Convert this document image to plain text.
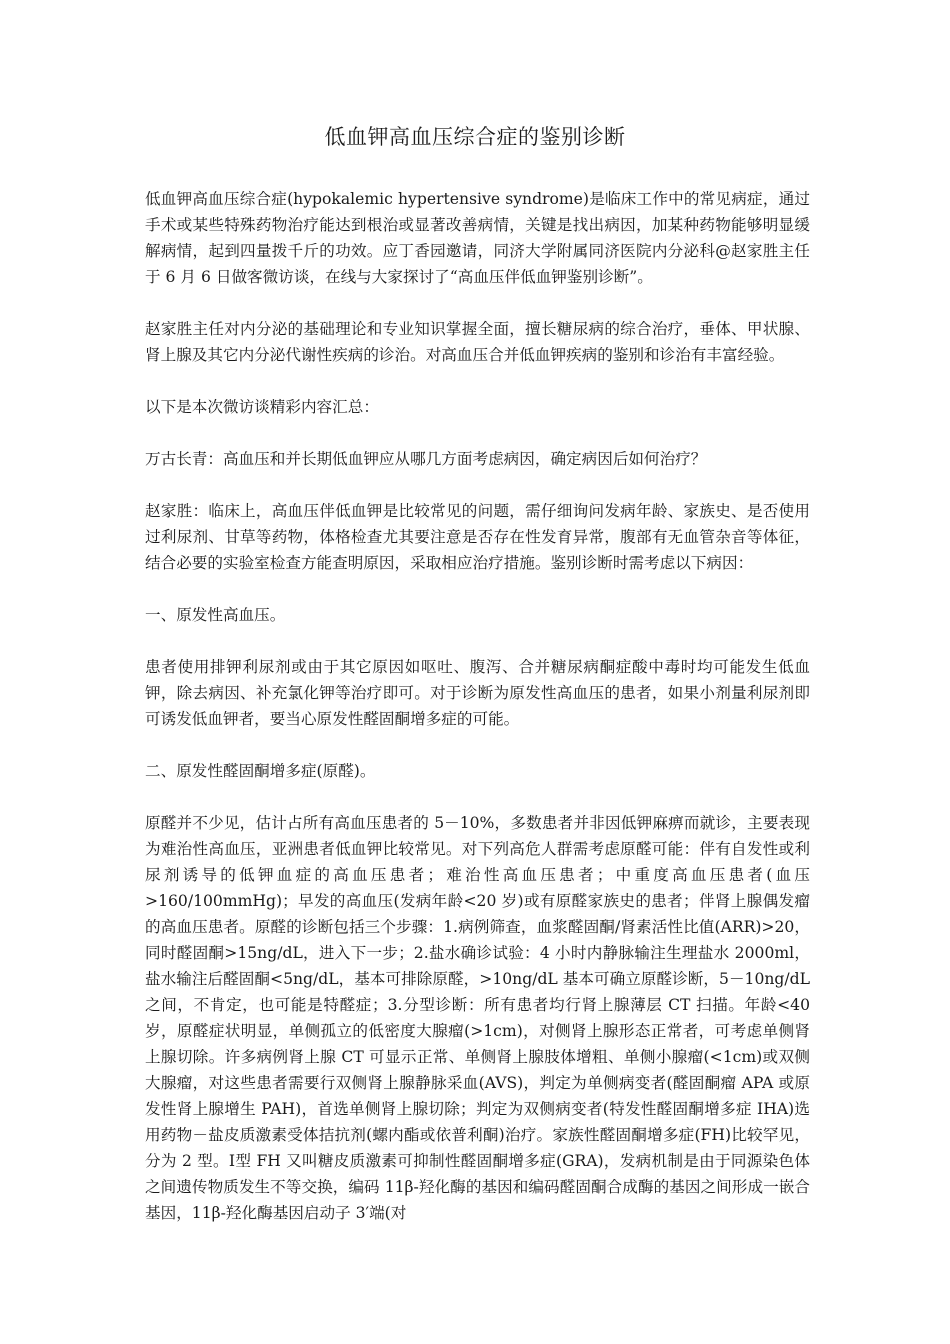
低血钾高血压综合症的鉴别诊断

低血钾高血压综合症(hypokalemic hypertensive syndrome)是临床工作中的常见病症，通过手术或某些特殊药物治疗能达到根治或显著改善病情，关键是找出病因，加某种药物能够明显缓解病情，起到四量拨千斤的功效。应丁香园邀请，同济大学附属同济医院内分泌科@赵家胜主任 于 6 月 6 日做客微访谈，在线与大家探讨了“高血压伴低血钾鉴别诊断”。

赵家胜主任对内分泌的基础理论和专业知识掌握全面，擅长糖尿病的综合治疗，垂体、甲状腺、肾上腺及其它内分泌代谢性疾病的诊治。对高血压合并低血钾疾病的鉴别和诊治有丰富经验。

以下是本次微访谈精彩内容汇总：

万古长青：高血压和并长期低血钾应从哪几方面考虑病因，确定病因后如何治疗？

赵家胜：临床上，高血压伴低血钾是比较常见的问题，需仔细询问发病年龄、家族史、是否使用过利尿剂、甘草等药物，体格检查尤其要注意是否存在性发育异常，腹部有无血管杂音等体征，结合必要的实验室检查方能查明原因，采取相应治疗措施。鉴别诊断时需考虑以下病因：

一、原发性高血压。

患者使用排钾利尿剂或由于其它原因如呕吐、腹泻、合并糖尿病酮症酸中毒时均可能发生低血钾，除去病因、补充氯化钾等治疗即可。对于诊断为原发性高血压的患者，如果小剂量利尿剂即可诱发低血钾者，要当心原发性醛固酮增多症的可能。

二、原发性醛固酮增多症(原醛)。

原醛并不少见，估计占所有高血压患者的 5－10%，多数患者并非因低钾麻痹而就诊，主要表现为难治性高血压，亚洲患者低血钾比较常见。对下列高危人群需考虑原醛可能：伴有自发性或利尿剂诱导的低钾血症的高血压患者；难治性高血压患者；中重度高血压患者(血压>160/100mmHg)；早发的高血压(发病年龄<20 岁)或有原醛家族史的患者；伴肾上腺偶发瘤的高血压患者。原醛的诊断包括三个步骤：1.病例筛查，血浆醛固酮/肾素活性比值(ARR)>20，同时醛固酮>15ng/dL，进入下一步；2.盐水确诊试验：4 小时内静脉输注生理盐水 2000ml，盐水输注后醛固酮<5ng/dL，基本可排除原醛，>10ng/dL 基本可确立原醛诊断，5－10ng/dL 之间，不肯定，也可能是特醛症；3.分型诊断：所有患者均行肾上腺薄层 CT 扫描。年龄<40 岁，原醛症状明显，单侧孤立的低密度大腺瘤(>1cm)，对侧肾上腺形态正常者，可考虑单侧肾上腺切除。许多病例肾上腺 CT 可显示正常、单侧肾上腺肢体增粗、单侧小腺瘤(<1cm)或双侧大腺瘤，对这些患者需要行双侧肾上腺静脉采血(AVS)，判定为单侧病变者(醛固酮瘤 APA 或原发性肾上腺增生 PAH)，首选单侧肾上腺切除；判定为双侧病变者(特发性醛固酮增多症 IHA)选用药物－盐皮质激素受体拮抗剂(螺内酯或依普利酮)治疗。家族性醛固酮增多症(FH)比较罕见，分为 2 型。Ⅰ型 FH 又叫糖皮质激素可抑制性醛固酮增多症(GRA)，发病机制是由于同源染色体之间遗传物质发生不等交换，编码 11β-羟化酶的基因和编码醛固酮合成酶的基因之间形成一嵌合基因，11β-羟化酶基因启动子 3′端(对
